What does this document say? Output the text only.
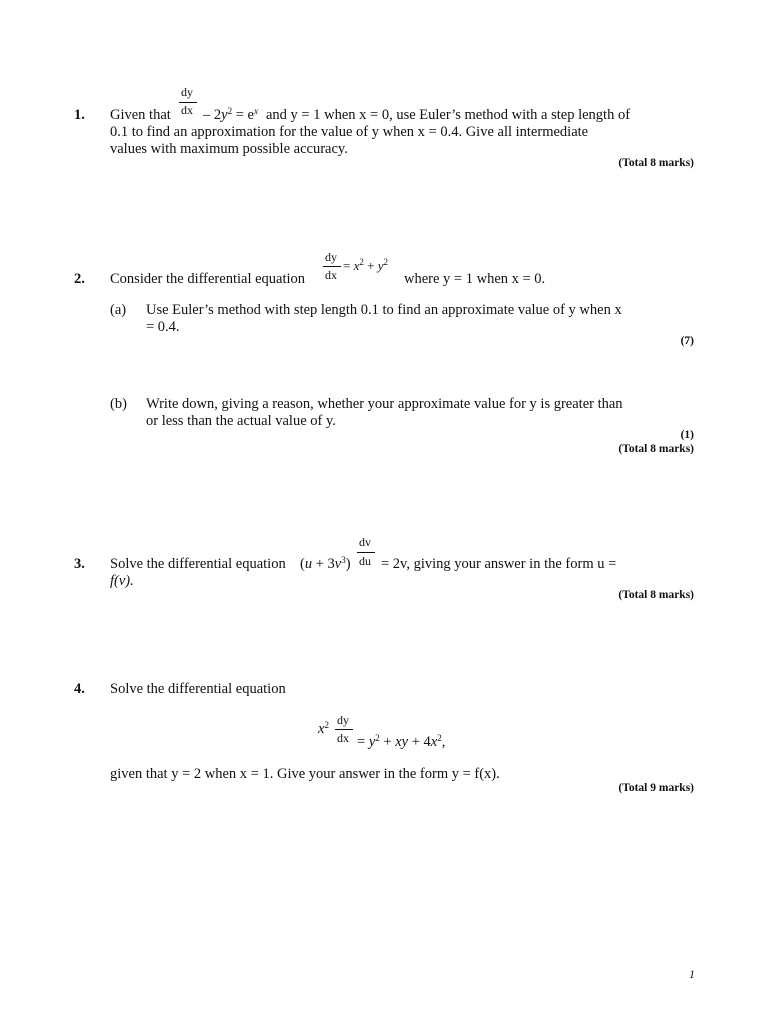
1. Given that
dy
dx – $2y^2 = e^x$ and y = 1 when x = 0, use Euler’s method with a step length of
0.1 to find an approximation for the value of y when x = 0.4. Give all intermediate
values with maximum possible accuracy.
(Total 8 marks)
dy
dx
= $x^2 + y^2$
2. Consider the differential equation	where y = 1 when x = 0.
(a) Use Euler’s method with step length 0.1 to find an approximate value of y when x
= 0.4.
(7)
(b) Write down, giving a reason, whether your approximate value for y is greater than
or less than the actual value of y.
(1)
(Total 8 marks)
dv
du
3. Solve the differential equation $(u + 3v^3) = 2v$, giving your answer in the form u =
f(v).
(Total 8 marks)
4. Solve the differential equation
$x^2$ dy
dx = $y^2$ + xy + $4x^2$,
given that y = 2 when x = 1. Give your answer in the form y = f(x).
(Total 9 marks)
1
